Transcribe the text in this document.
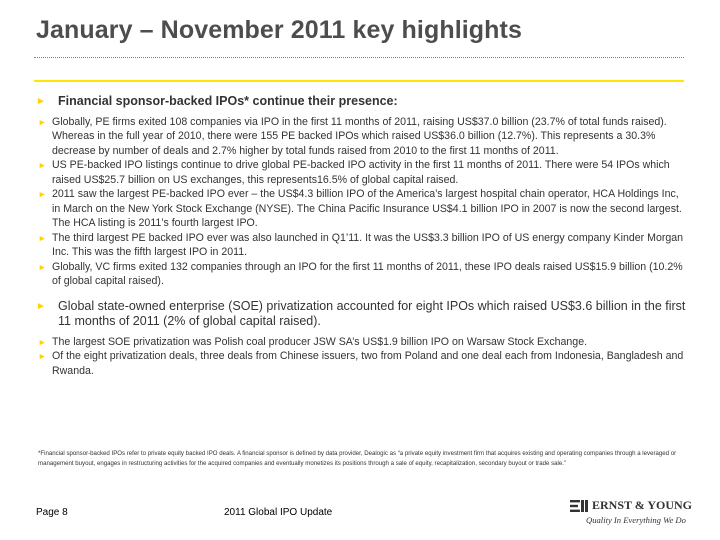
January – November 2011 key highlights
► Financial sponsor-backed IPOs* continue their presence:
► Globally, PE firms exited 108 companies via IPO in the first 11 months of 2011, raising US$37.0 billion (23.7% of total funds raised). Whereas in the full year of 2010, there were 155 PE backed IPOs which raised US$36.0 billion (12.7%). This represents a 30.3% decrease by number of deals and 2.7% higher by total funds raised from 2010 to the first 11 months of 2011.
► US PE-backed IPO listings continue to drive global PE-backed IPO activity in the first 11 months of 2011. There were 54 IPOs which raised US$25.7 billion on US exchanges, this represents16.5% of global capital raised.
► 2011 saw the largest PE-backed IPO ever – the US$4.3 billion IPO of the America’s largest hospital chain operator, HCA Holdings Inc, in March on the New York Stock Exchange (NYSE). The China Pacific Insurance US$4.1 billion IPO in 2007 is now the second largest. The HCA listing is 2011’s fourth largest IPO.
► The third largest PE backed IPO ever was also launched in Q1’11. It was the US$3.3 billion IPO of US energy company Kinder Morgan Inc. This was the fifth largest IPO in 2011.
► Globally, VC firms exited 132 companies through an IPO for the first 11 months of 2011, these IPO deals raised US$15.9 billion (10.2% of global capital raised).
► Global state-owned enterprise (SOE) privatization accounted for eight IPOs which raised US$3.6 billion in the first 11 months of 2011 (2% of global capital raised).
► The largest SOE privatization was Polish coal producer JSW SA’s US$1.9 billion IPO on Warsaw Stock Exchange.
► Of the eight privatization deals, three deals from Chinese issuers, two from Poland and one deal each from Indonesia, Bangladesh and Rwanda.
*Financial sponsor-backed IPOs refer to private equity backed IPO deals. A financial sponsor is defined by data provider, Dealogic as “a private equity investment firm that acquires existing and operating companies through a leveraged or management buyout, engages in restructuring activities for the acquired companies and eventually monetizes its positions through a sale of equity, recapitalization, secondary buyout or trade sale.”
Page 8	2011 Global IPO Update
ERNST & YOUNG
Quality In Everything We Do
